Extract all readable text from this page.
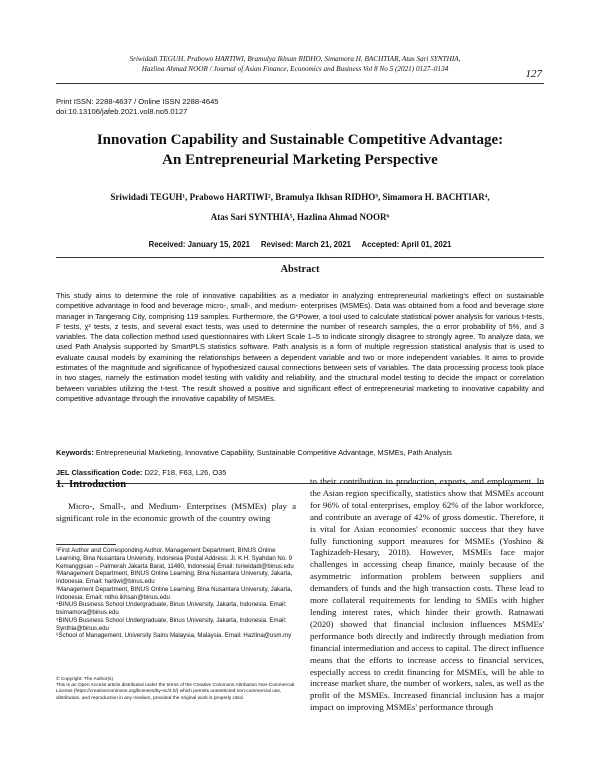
Sriwidadi TEGUH, Prabowo HARTIWI, Bramulya Ikhsan RIDHO, Simamora H. BACHTIAR, Atas Sari SYNTHIA,
Hazlina Ahmad NOOR / Journal of Asian Finance, Economics and Business Vol 8 No 5 (2021) 0127–0134	127
Print ISSN: 2288-4637 / Online ISSN 2288-4645
doi:10.13106/jafeb.2021.vol8.no5.0127
Innovation Capability and Sustainable Competitive Advantage:
An Entrepreneurial Marketing Perspective
Sriwidadi TEGUH¹, Prabowo HARTIWI², Bramulya Ikhsan RIDHO³, Simamora H. BACHTIAR⁴,
Atas Sari SYNTHIA⁵, Hazlina Ahmad NOOR⁶
Received: January 15, 2021     Revised: March 21, 2021     Accepted: April 01, 2021
Abstract
This study aims to determine the role of innovative capabilities as a mediator in analyzing entrepreneurial marketing's effect on sustainable competitive advantage in food and beverage micro-, small-, and medium- enterprises (MSMEs). Data was obtained from a food and beverage store manager in Tangerang City, comprising 119 samples. Furthermore, the G*Power, a tool used to calculate statistical power analysis for various t-tests, F tests, χ² tests, z tests, and several exact tests, was used to determine the number of research samples, the α error probability of 5%, and 3 variables. The data collection method used questionnaires with Likert Scale 1–5 to indicate strongly disagree to strongly agree. To analyze data, we used Path Analysis supported by SmartPLS statistics software. Path analysis is a form of multiple regression statistical analysis that is used to evaluate causal models by examining the relationships between a dependent variable and two or more independent variables. It aims to provide estimates of the magnitude and significance of hypothesized causal connections between sets of variables. The data processing process took place in two stages, namely the estimation model testing with validity and reliability, and the structural model testing to decide the impact or correlation between variables utilizing the t-test. The result showed a positive and significant effect of entrepreneurial marketing to innovative capability and competitive advantage through the innovative capability of MSMEs.
Keywords: Entrepreneurial Marketing, Innovative Capability, Sustainable Competitive Advantage, MSMEs, Path Analysis
JEL Classification Code: D22, F18, F63, L26, O35
1.  Introduction
Micro-, Small-, and Medium- Enterprises (MSMEs) play a significant role in the economic growth of the country owing
to their contribution to production, exports, and employment. In the Asian region specifically, statistics show that MSMEs account for 96% of total enterprises, employ 62% of the labor workforce, and contribute an average of 42% of gross domestic. Therefore, it is vital for Asian economies' economic success that they have fully functioning support measures for MSMEs (Yoshino & Taghizadeh-Hesary, 2018). However, MSMEs face major challenges in accessing cheap finance, mainly because of the asymmetric information problem between suppliers and demanders of funds and the high transaction costs. These lead to more collateral requirements for lending to SMEs with higher lending interest rates, which hinder their growth. Ratnawati (2020) showed that financial inclusion influences MSMEs' performance both directly and indirectly through mediation from financial intermediation and access to capital. The direct influence means that the efforts to increase access to financial services, especially access to credit financing for MSMEs, will be able to increase market share, the number of workers, sales, as well as the profit of the MSMEs. Increased financial inclusion has a major impact on improving MSMEs' performance through

¹First Author and Corresponding Author. Management Department, BINUS Online Learning, Bina Nusantara University, Indonesia [Postal Address: Jl. K H. Syahdan No. 9 Kemanggisan – Palmerah Jakarta Barat, 11480, Indonesia] Email: tsriwidadi@binus.edu

²Management Department, BINUS Online Learning, Bina Nusantara University, Jakarta, Indonesia. Email: hartiwi@binus.edu

³Management Department, BINUS Online Learning, Bina Nusantara University, Jakarta, Indonesia. Email: ridho.ikhsan@binus.edu

⁴BINUS Business School Undergraduate, Binus University, Jakarta, Indonesia. Email: bsimamora@binus.edu

⁵BINUS Business School Undergraduate, Binus University, Jakarta, Indonesia. Email: Synthia@binus.edu

⁶School of Management, University Sains Malaysia, Malaysia. Email: Hazlina@usm.my

© Copyright: The Author(s)

This is an Open Access article distributed under the terms of the Creative Commons Attribution Non-Commercial License (https://creativecommons.org/licenses/by-nc/4.0/) which permits unrestricted non-commercial use, distribution, and reproduction in any medium, provided the original work is properly cited.
